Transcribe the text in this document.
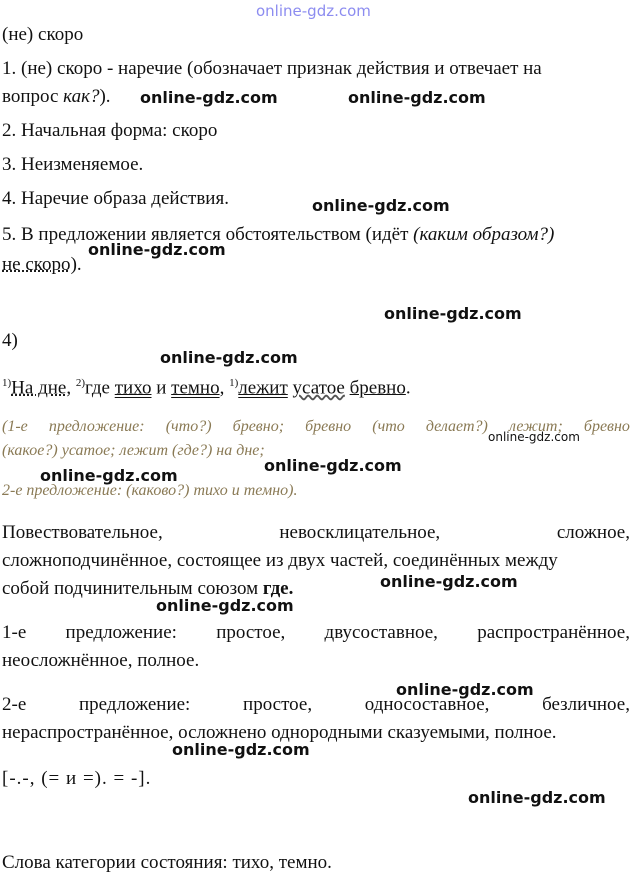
online-gdz.com
(не) скоро
1. (не) скоро - наречие (обозначает признак действия и отвечает на
вопрос как?).
2. Начальная форма: скоро
3. Неизменяемое.
4. Наречие образа действия.
5. В предложении является обстоятельством (идёт (каким образом?)
не скоро).
4)
$^{1)}$На дне, $^{2)}$где тихо и темно, $^{1)}$лежит усатое бревно.
(1-е предложение: (что?) бревно; бревно (что делает?) лежит; бревно
(какое?) усатое; лежит (где?) на дне;
2-е предложение: (каково?) тихо и темно).
Повествовательное,	невосклицательное,	сложное,
сложноподчинённое, состоящее из двух частей, соединённых между
собой подчинительным союзом где.
1-е предложение: простое, двусоставное, распространённое,
неосложнённое, полное.
2-е	предложение:	простое,	односоставное,	безличное,
нераспространённое, осложнено однородными сказуемыми, полное.
[-.-, (= и =). = -].
Слова категории состояния: тихо, темно.
online-gdz.com	online-gdz.com
online-gdz.com
online-gdz.com
online-gdz.com
online-gdz.com
online-gdz.com
online-gdz.com
online-gdz.com
online-gdz.com
online-gdz.com
online-gdz.com
online-gdz.com
online-gdz.com
